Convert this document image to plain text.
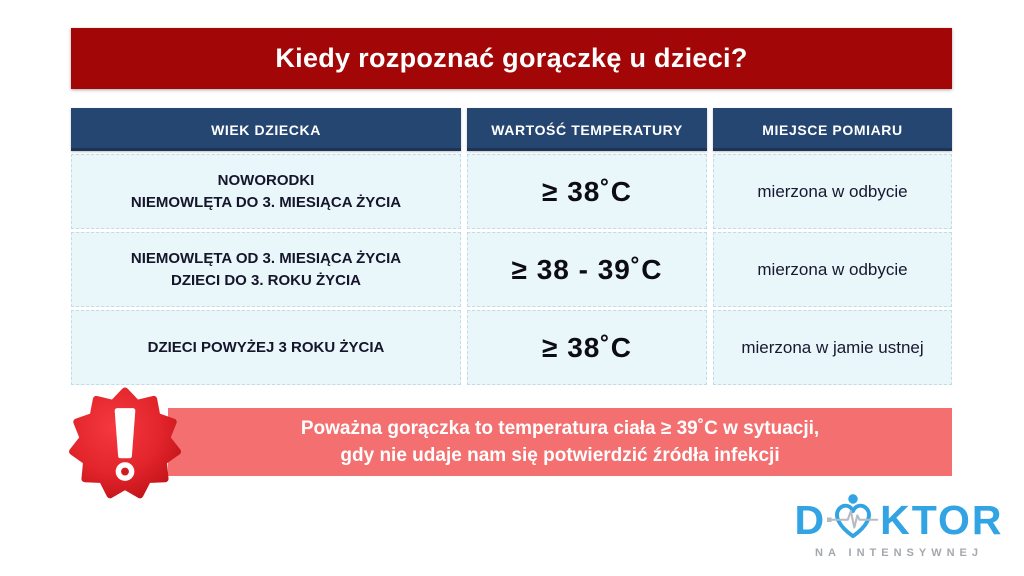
Kiedy rozpoznać gorączkę u dzieci?
WIEK DZIECKA	WARTOŚĆ TEMPERATURY	MIEJSCE POMIARU
NOWORODKI
NIEMOWLĘTA DO 3. MIESIĄCA ŻYCIA	≥ 38˚C	mierzona w odbycie
NIEMOWLĘTA OD 3. MIESIĄCA ŻYCIA
DZIECI DO 3. ROKU ŻYCIA	≥ 38 - 39˚C	mierzona w odbycie
DZIECI POWYŻEJ 3 ROKU ŻYCIA	≥ 38˚C	mierzona w jamie ustnej
Poważna gorączka to temperatura ciała ≥ 39˚C w sytuacji,
gdy nie udaje nam się potwierdzić źródła infekcji
D KTOR
NA INTENSYWNEJ
